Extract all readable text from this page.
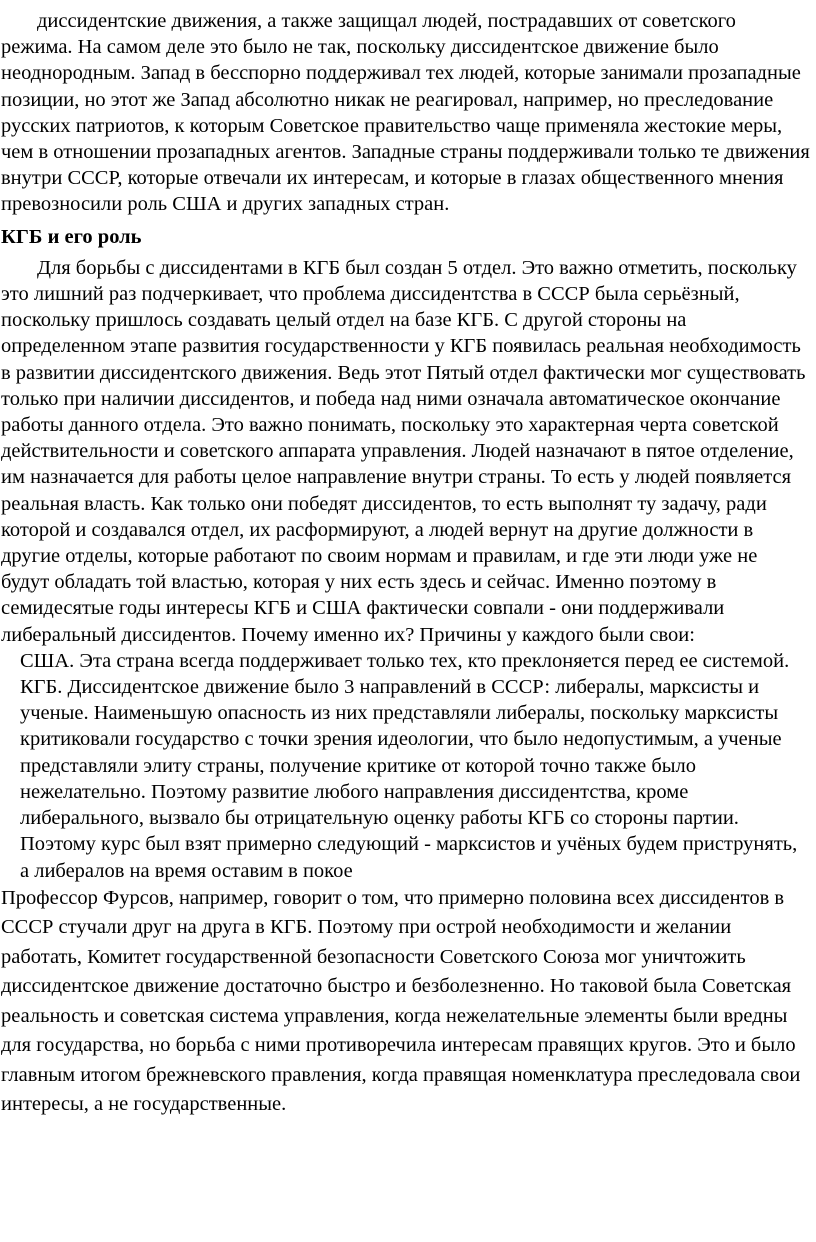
диссидентские движения, а также защищал людей, пострадавших от советского режима. На самом деле это было не так, поскольку диссидентское движение было неоднородным. Запад в бесспорно поддерживал тех людей, которые занимали прозападные позиции, но этот же Запад абсолютно никак не реагировал, например, но преследование русских патриотов, к которым Советское правительство чаще применяла жестокие меры, чем в отношении прозападных агентов. Западные страны поддерживали только те движения внутри СССР, которые отвечали их интересам, и которые в глазах общественного мнения превозносили роль США и других западных стран.

КГБ и его роль

Для борьбы с диссидентами в КГБ был создан 5 отдел. Это важно отметить, поскольку это лишний раз подчеркивает, что проблема диссидентства в СССР была серьёзный, поскольку пришлось создавать целый отдел на базе КГБ. С другой стороны на определенном этапе развития государственности у КГБ появилась реальная необходимость в развитии диссидентского движения. Ведь этот Пятый отдел фактически мог существовать только при наличии диссидентов, и победа над ними означала автоматическое окончание работы данного отдела. Это важно понимать, поскольку это характерная черта советской действительности и советского аппарата управления. Людей назначают в пятое отделение, им назначается для работы целое направление внутри страны. То есть у людей появляется реальная власть. Как только они победят диссидентов, то есть выполнят ту задачу, ради которой и создавался отдел, их расформируют, а людей вернут на другие должности в другие отделы, которые работают по своим нормам и правилам, и где эти люди уже не будут обладать той властью, которая у них есть здесь и сейчас. Именно поэтому в семидесятые годы интересы КГБ и США фактически совпали - они поддерживали либеральный диссидентов. Почему именно их? Причины у каждого были свои:

США. Эта страна всегда поддерживает только тех, кто преклоняется перед ее системой.

КГБ. Диссидентское движение было 3 направлений в СССР: либералы, марксисты и ученые. Наименьшую опасность из них представляли либералы, поскольку марксисты критиковали государство с точки зрения идеологии, что было недопустимым, а ученые представляли элиту страны, получение критике от которой точно также было нежелательно. Поэтому развитие любого направления диссидентства, кроме либерального, вызвало бы отрицательную оценку работы КГБ со стороны партии. Поэтому курс был взят примерно следующий - марксистов и учёных будем приструнять, а либералов на время оставим в покое

Профессор Фурсов, например, говорит о том, что примерно половина всех диссидентов в СССР стучали друг на друга в КГБ. Поэтому при острой необходимости и желании работать, Комитет государственной безопасности Советского Союза мог уничтожить диссидентское движение достаточно быстро и безболезненно. Но таковой была Советская реальность и советская система управления, когда нежелательные элементы были вредны для государства, но борьба с ними противоречила интересам правящих кругов. Это и было главным итогом брежневского правления, когда правящая номенклатура преследовала свои интересы, а не государственные.
